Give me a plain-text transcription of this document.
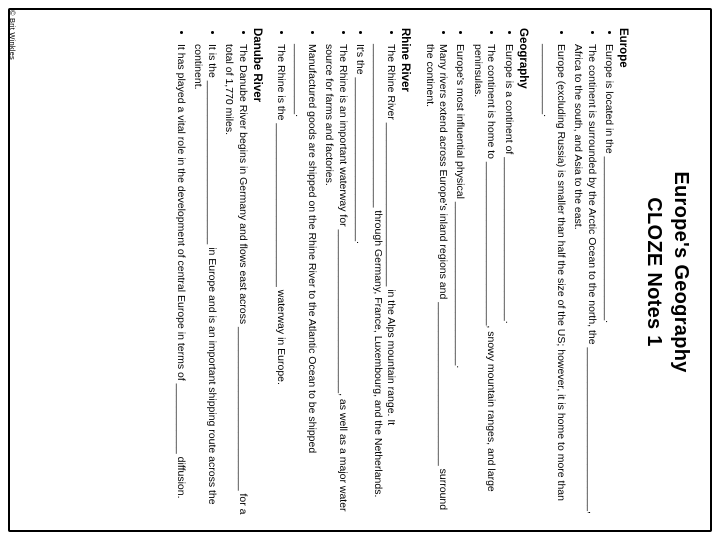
Europe's Geography
CLOZE Notes 1
Europe
• Europe is located in the ____________________________.
• The continent is surrounded by the Arctic Ocean to the north, the ____________________________, Africa to the south, and Asia to the east.
• Europe (excluding Russia) is smaller than half the size of the US; however, it is home to more than ____________.
Geography
• Europe is a continent of ____________________________.
• The continent is home to ____________________________, snowy mountain ranges, and large peninsulas.
• Europe's most influential physical ____________________________.
• Many rivers extend across Europe's inland regions and ____________________________ surround the continent.
Rhine River
• The Rhine River ____________________________ in the Alps mountain range. It ____________________________ through Germany, France, Luxembourg, and the Netherlands.
• It's the ____________________________.
• The Rhine is an important waterway for ____________________________, as well as a major water source for farms and factories.
• Manufactured goods are shipped on the Rhine River to the Atlantic Ocean to be shipped ____________.
• The Rhine is the ____________________________ waterway in Europe.
Danube River
• The Danube River begins in Germany and flows east across ____________________________ for a total of 1,770 miles.
• It is the ____________________________ in Europe and is an important shipping route across the continent.
• It has played a vital role in the development of central Europe in terms of ____________ diffusion.
© Brit Winkles
